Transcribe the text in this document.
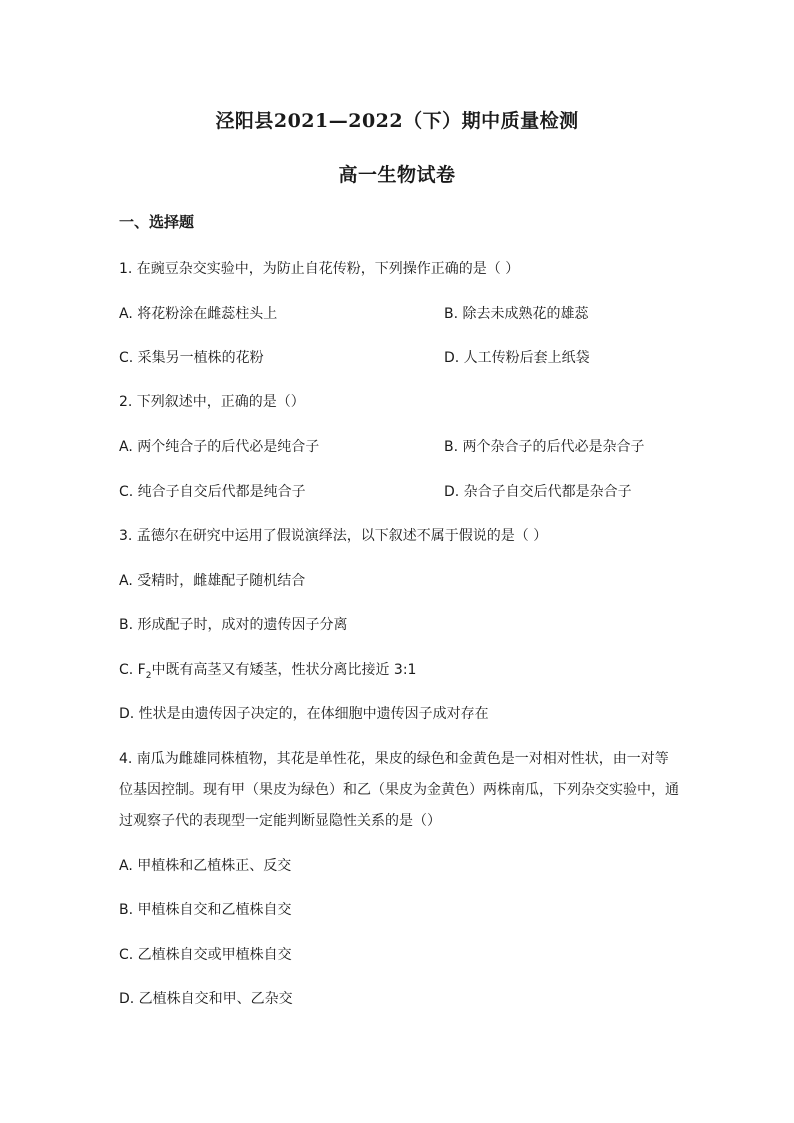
泾阳县2021—2022（下）期中质量检测
高一生物试卷
一、选择题
1. 在豌豆杂交实验中，为防止自花传粉，下列操作正确的是（ ）
A. 将花粉涂在雌蕊柱头上	B. 除去未成熟花的雄蕊
C. 采集另一植株的花粉	D. 人工传粉后套上纸袋
2. 下列叙述中，正确的是（）
A. 两个纯合子的后代必是纯合子	B. 两个杂合子的后代必是杂合子
C. 纯合子自交后代都是纯合子	D. 杂合子自交后代都是杂合子
3. 孟德尔在研究中运用了假说演绎法，以下叙述不属于假说的是（ ）
A. 受精时，雌雄配子随机结合
B. 形成配子时，成对的遗传因子分离
C. $F_2$中既有高茎又有矮茎，性状分离比接近 3:1
D. 性状是由遗传因子决定的，在体细胞中遗传因子成对存在
4. 南瓜为雌雄同株植物，其花是单性花，果皮的绿色和金黄色是一对相对性状，由一对等
位基因控制。现有甲（果皮为绿色）和乙（果皮为金黄色）两株南瓜，下列杂交实验中，通
过观察子代的表现型一定能判断显隐性关系的是（）
A. 甲植株和乙植株正、反交
B. 甲植株自交和乙植株自交
C. 乙植株自交或甲植株自交
D. 乙植株自交和甲、乙杂交
